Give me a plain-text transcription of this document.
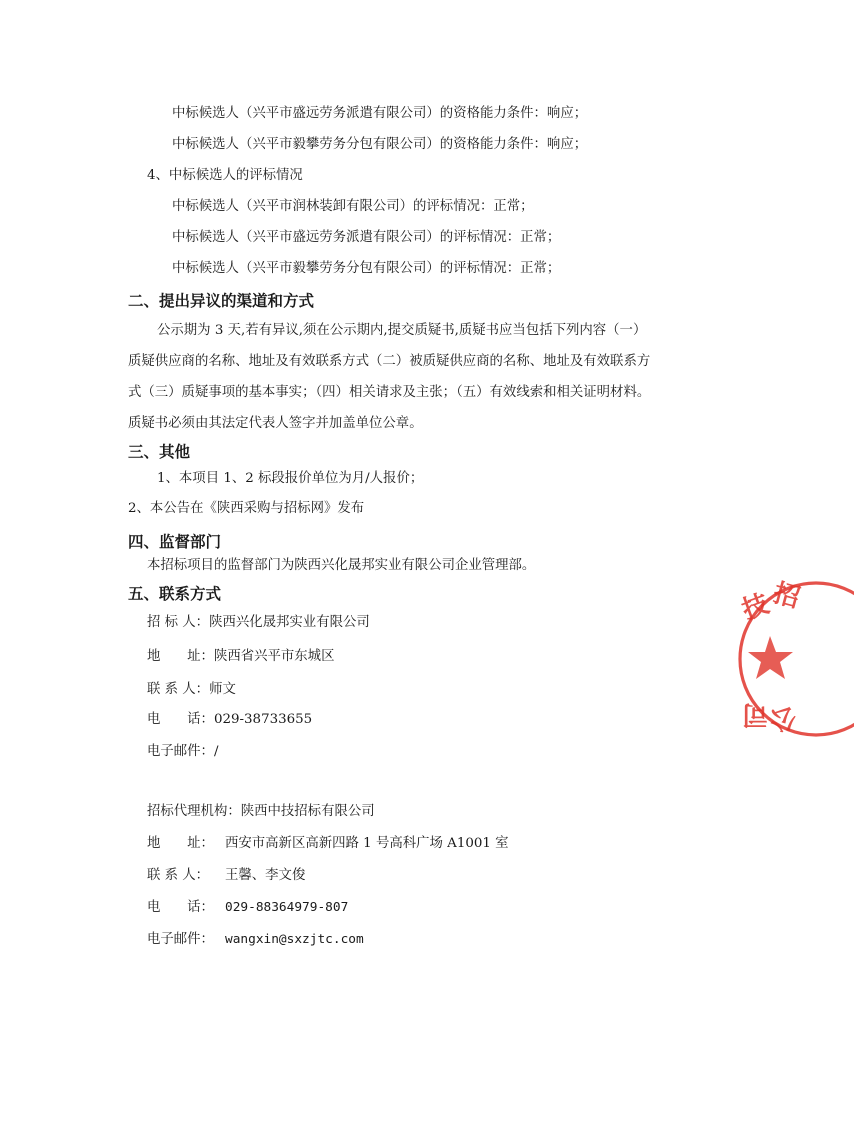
中标候选人（兴平市盛远劳务派遣有限公司）的资格能力条件：响应；
中标候选人（兴平市毅攀劳务分包有限公司）的资格能力条件：响应；
4、中标候选人的评标情况
中标候选人（兴平市润林装卸有限公司）的评标情况：正常；
中标候选人（兴平市盛远劳务派遣有限公司）的评标情况：正常；
中标候选人（兴平市毅攀劳务分包有限公司）的评标情况：正常；
二、提出异议的渠道和方式
公示期为 3 天,若有异议,须在公示期内,提交质疑书,质疑书应当包括下列内容（一）
质疑供应商的名称、地址及有效联系方式（二）被质疑供应商的名称、地址及有效联系方
式（三）质疑事项的基本事实；（四）相关请求及主张；（五）有效线索和相关证明材料。
质疑书必须由其法定代表人签字并加盖单位公章。
三、其他
1、本项目 1、2 标段报价单位为月/人报价；
2、本公告在《陕西采购与招标网》发布
四、监督部门
本招标项目的监督部门为陕西兴化晟邦实业有限公司企业管理部。
五、联系方式
招 标 人：陕西兴化晟邦实业有限公司
地　　址：陕西省兴平市东城区
联 系 人：师文
电　　话：029-38733655
电子邮件：/
招标代理机构：陕西中技招标有限公司
地　　址： 西安市高新区高新四路 1 号高科广场 A1001 室
联 系 人： 王馨、李文俊
电　　话： 029-88364979-807
电子邮件： wangxin@sxzjtc.com
技
招
司 公
